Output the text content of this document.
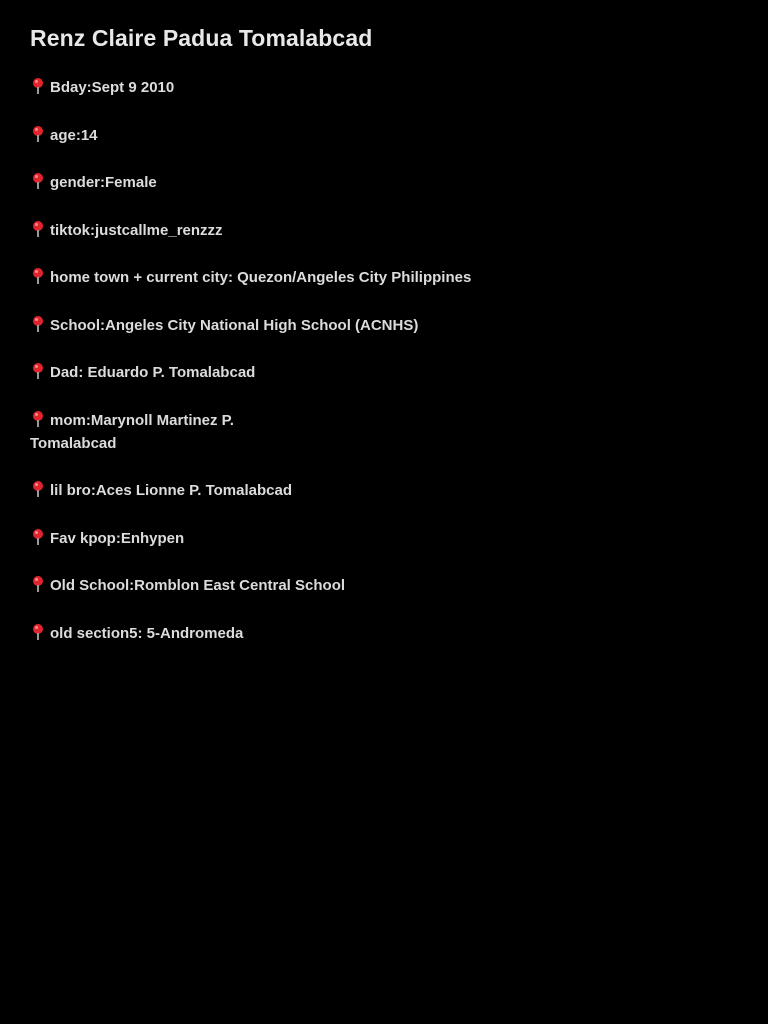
Renz Claire Padua Tomalabcad
Bday:Sept 9 2010
age:14
gender:Female
tiktok:justcallme_renzzz
home town + current city: Quezon/Angeles City Philippines
School:Angeles City National High School (ACNHS)
Dad: Eduardo P. Tomalabcad
mom:Marynoll Martinez P.
Tomalabcad
lil bro:Aces Lionne P. Tomalabcad
Fav kpop:Enhypen
Old School:Romblon East Central School
old section5: 5-Andromeda
